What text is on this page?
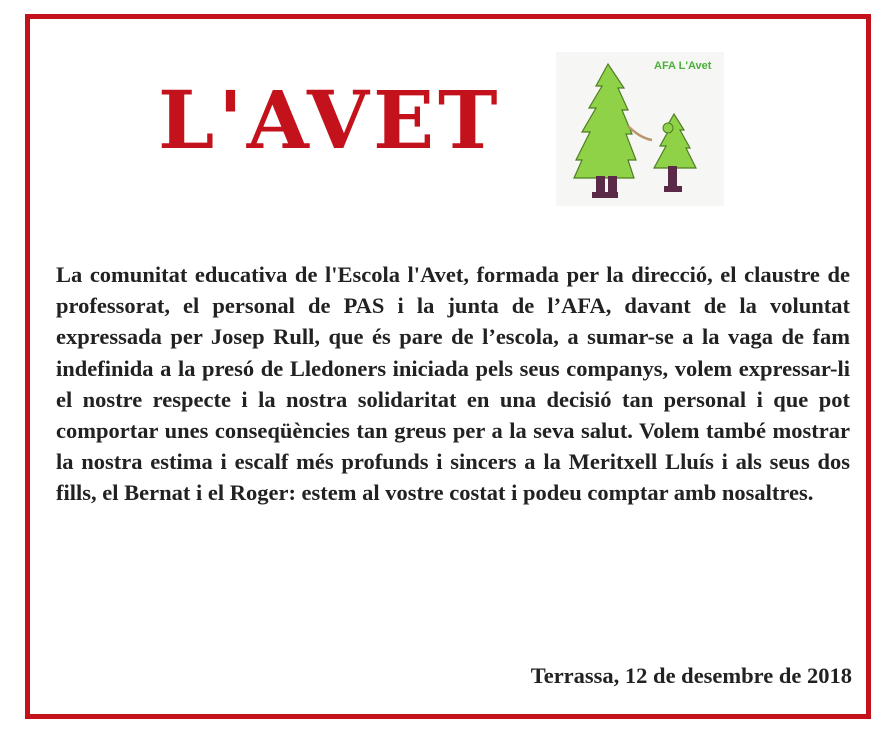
L'AVET
AFA L'Avet

La comunitat educativa de l'Escola l'Avet, formada per la direcció, el claustre de professorat, el personal de PAS i la junta de l’AFA, davant de la voluntat expressada per Josep Rull, que és pare de l’escola, a sumar-se a la vaga de fam indefinida a la presó de Lledoners iniciada pels seus companys, volem expressar-li el nostre respecte i la nostra solidaritat en una decisió tan personal i que pot comportar unes conseqüències tan greus per a la seva salut. Volem també mostrar la nostra estima i escalf més profunds i sincers a la Meritxell Lluís i als seus dos fills, el Bernat i el Roger: estem al vostre costat i podeu comptar amb nosaltres.

Terrassa, 12 de desembre de 2018
